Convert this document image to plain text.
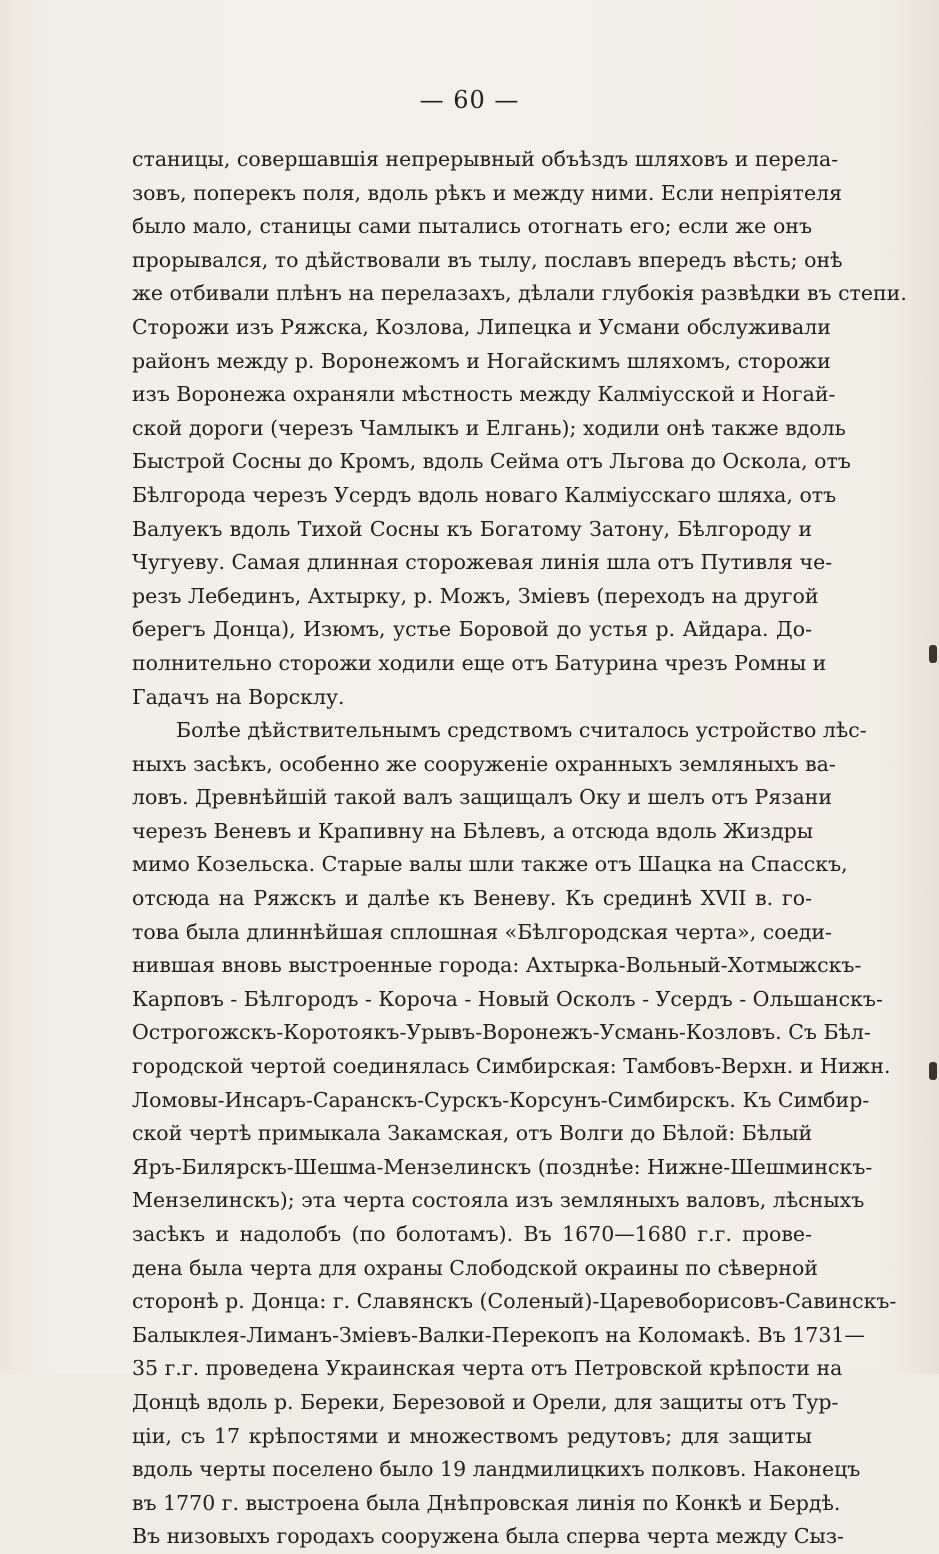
— 60 —
станицы, совершавшія непрерывный объѣздъ шляховъ и перела-
зовъ, поперекъ поля, вдоль рѣкъ и между ними. Если непріятеля
было мало, станицы сами пытались отогнать его; если же онъ
прорывался, то дѣйствовали въ тылу, пославъ впередъ вѣсть; онѣ
же отбивали плѣнъ на перелазахъ, дѣлали глубокія развѣдки въ степи.
Сторожи изъ Ряжска, Козлова, Липецка и Усмани обслуживали
районъ между р. Воронежомъ и Ногайскимъ шляхомъ, сторожи
изъ Воронежа охраняли мѣстность между Калміусской и Ногай-
ской дороги (черезъ Чамлыкъ и Елгань); ходили онѣ также вдоль
Быстрой Сосны до Кромъ, вдоль Сейма отъ Льгова до Оскола, отъ
Бѣлгорода черезъ Усердъ вдоль новаго Калміусскаго шляха, отъ
Валуекъ вдоль Тихой Сосны къ Богатому Затону, Бѣлгороду и
Чугуеву. Самая длинная сторожевая линія шла отъ Путивля че-
резъ Лебединъ, Ахтырку, р. Можъ, Зміевъ (переходъ на другой
берегъ Донца), Изюмъ, устье Боровой до устья р. Айдара. До-
полнительно сторожи ходили еще отъ Батурина чрезъ Ромны и
Гадачъ на Ворсклу.
Болѣе дѣйствительнымъ средствомъ считалось устройство лѣс-
ныхъ засѣкъ, особенно же сооруженіе охранныхъ земляныхъ ва-
ловъ. Древнѣйшій такой валъ защищалъ Оку и шелъ отъ Рязани
черезъ Веневъ и Крапивну на Бѣлевъ, а отсюда вдоль Жиздры
мимо Козельска. Старые валы шли также отъ Шацка на Спасскъ,
отсюда на Ряжскъ и далѣе къ Веневу. Къ срединѣ XVII в. го-
това была длиннѣйшая сплошная «Бѣлгородская черта», соеди-
нившая вновь выстроенные города: Ахтырка-Вольный-Хотмыжскъ-
Карповъ - Бѣлгородъ - Короча - Новый Осколъ - Усердъ - Ольшанскъ-
Острогожскъ-Коротоякъ-Урывъ-Воронежъ-Усмань-Козловъ. Съ Бѣл-
городской чертой соединялась Симбирская: Тамбовъ-Верхн. и Нижн.
Ломовы-Инсаръ-Саранскъ-Сурскъ-Корсунъ-Симбирскъ. Къ Симбир-
ской чертѣ примыкала Закамская, отъ Волги до Бѣлой: Бѣлый
Яръ-Билярскъ-Шешма-Мензелинскъ (позднѣе: Нижне-Шешминскъ-
Мензелинскъ); эта черта состояла изъ земляныхъ валовъ, лѣсныхъ
засѣкъ и надолобъ (по болотамъ). Въ 1670—1680 г.г. прове-
дена была черта для охраны Слободской окраины по сѣверной
сторонѣ р. Донца: г. Славянскъ (Соленый)-Царевоборисовъ-Савинскъ-
Балыклея-Лиманъ-Зміевъ-Валки-Перекопъ на Коломакѣ. Въ 1731—
35 г.г. проведена Украинская черта отъ Петровской крѣпости на
Донцѣ вдоль р. Береки, Березовой и Орели, для защиты отъ Тур-
ціи, съ 17 крѣпостями и множествомъ редутовъ; для защиты
вдоль черты поселено было 19 ландмилицкихъ полковъ. Наконецъ
въ 1770 г. выстроена была Днѣпровская линія по Конкѣ и Бердѣ.
Въ низовыхъ городахъ сооружена была сперва черта между Сыз-
